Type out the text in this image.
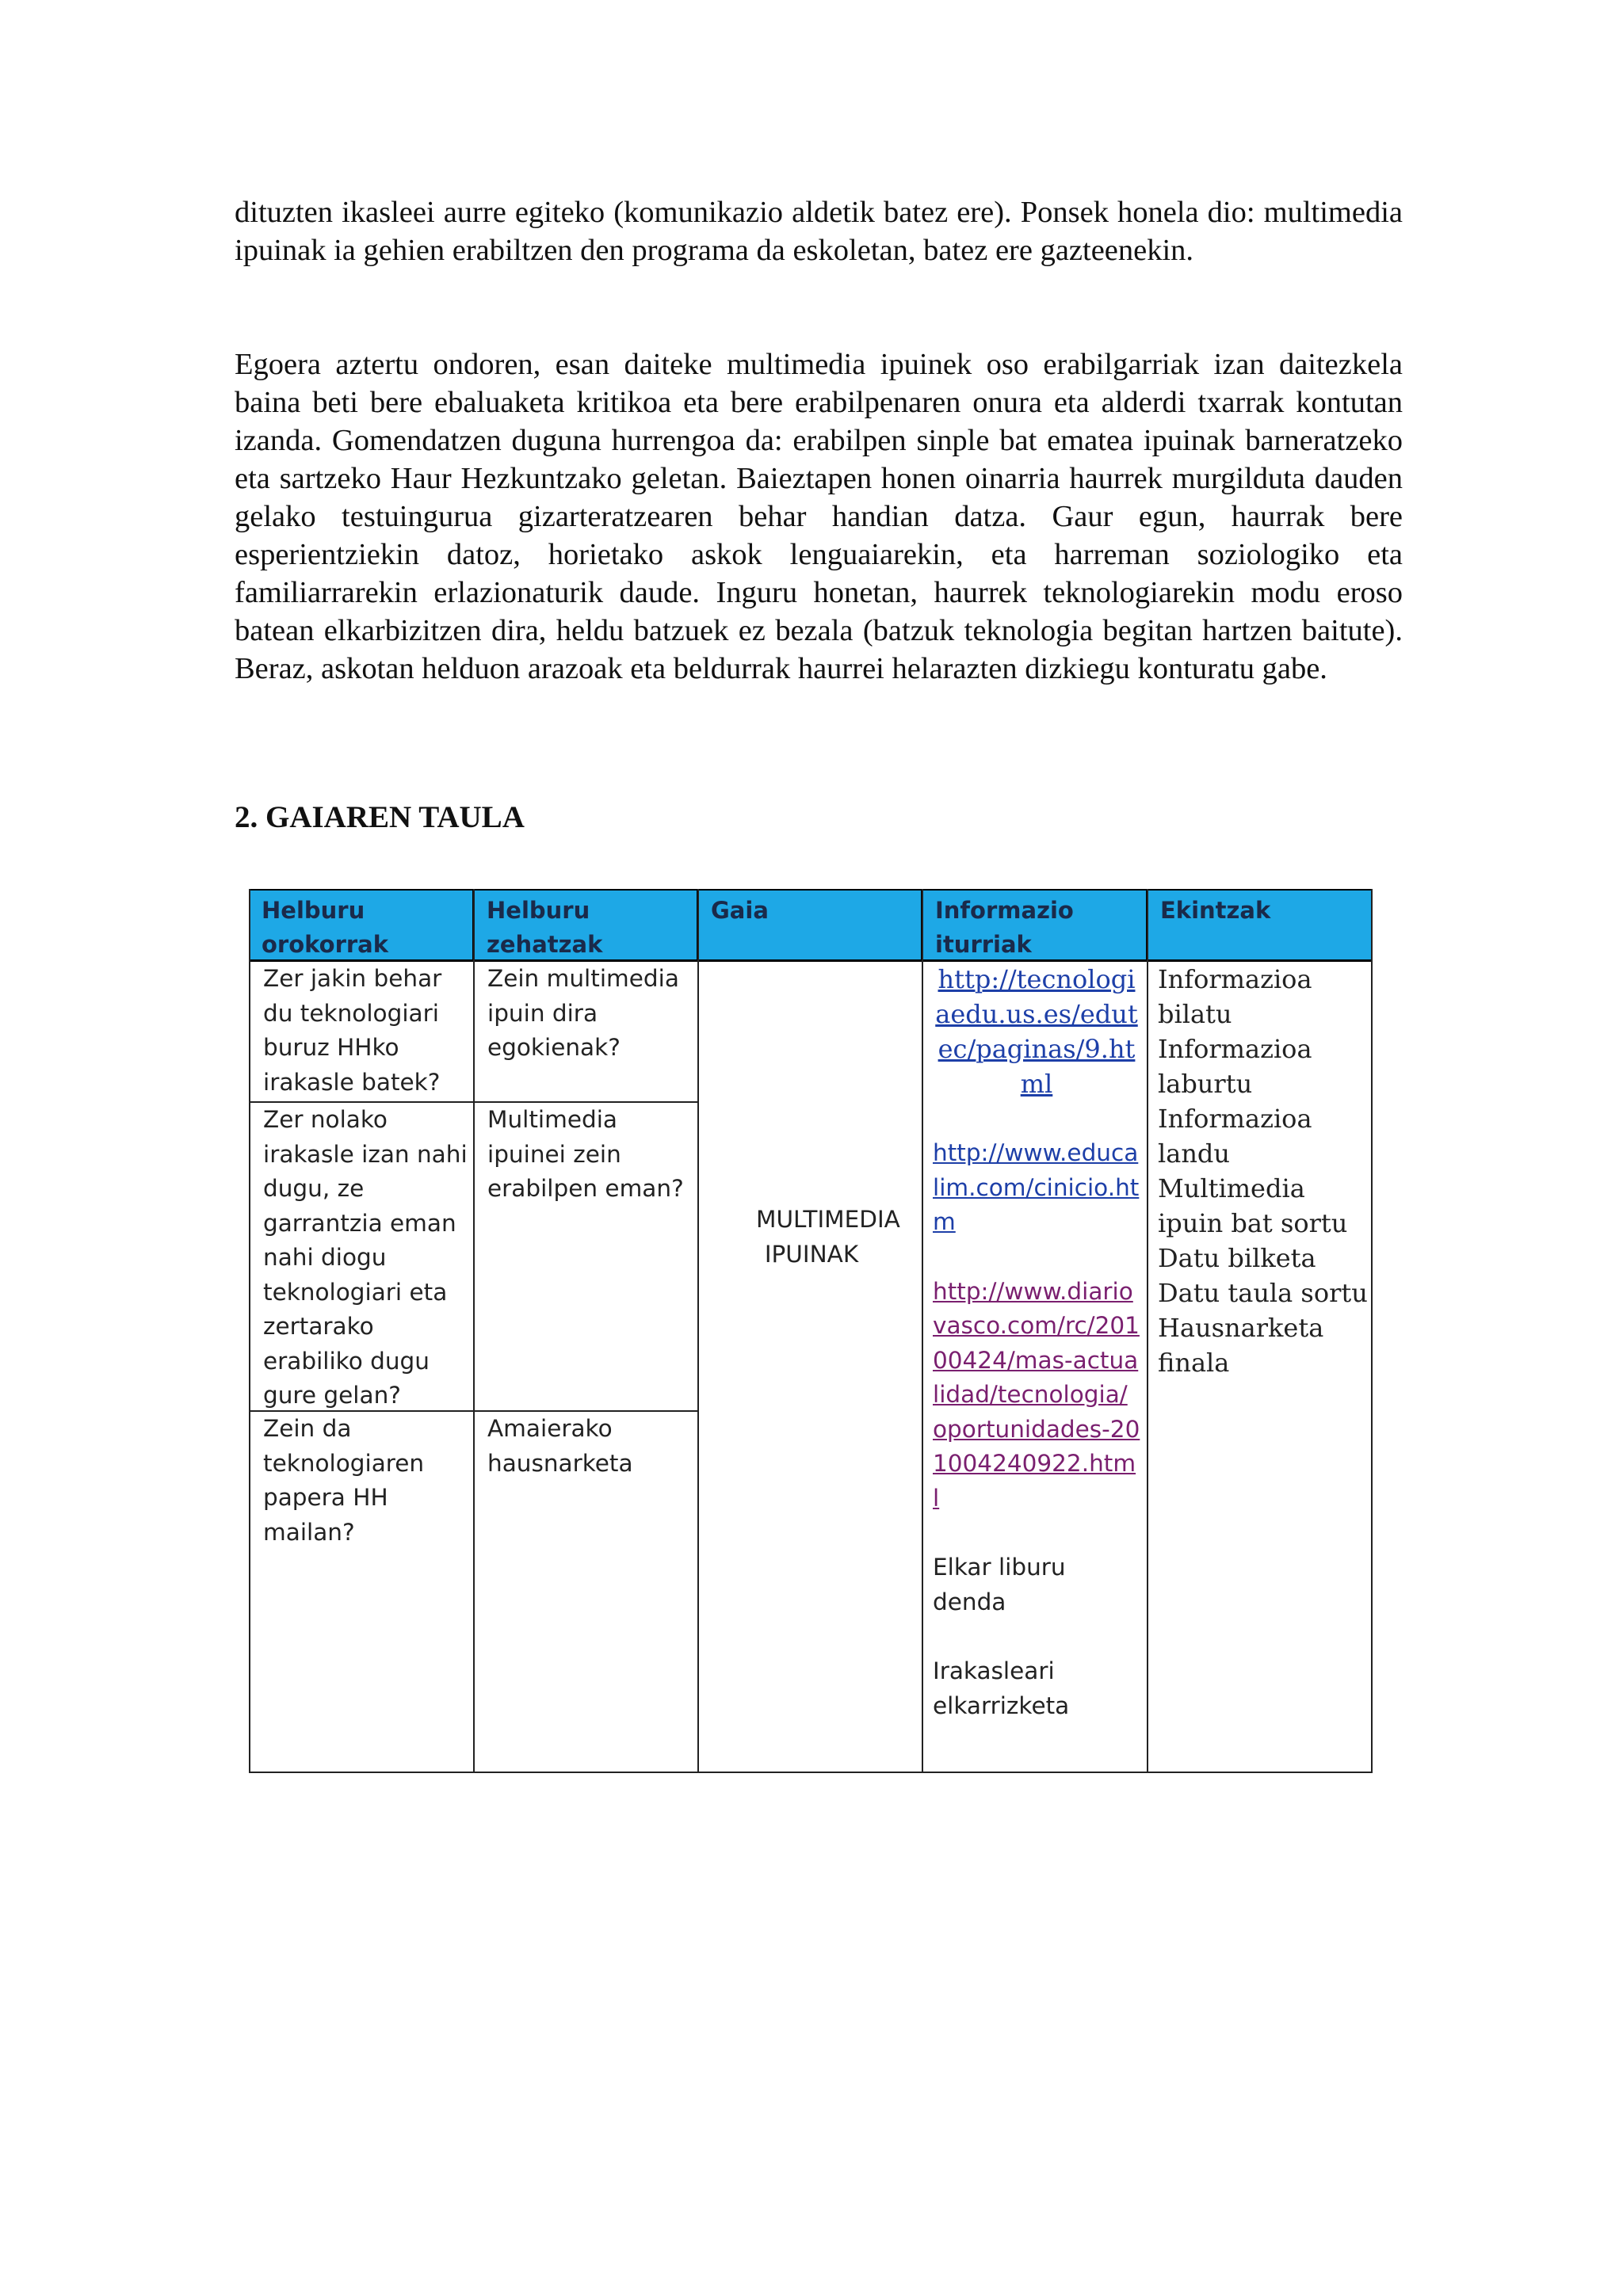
dituzten ikasleei aurre egiteko (komunikazio aldetik batez ere). Ponsek honela dio: multimedia ipuinak ia gehien erabiltzen den programa da eskoletan, batez ere gazteenekin.

Egoera aztertu ondoren, esan daiteke multimedia ipuinek oso erabilgarriak izan daitezkela baina beti bere ebaluaketa kritikoa eta bere erabilpenaren onura eta alderdi txarrak kontutan izanda. Gomendatzen duguna hurrengoa da: erabilpen sinple bat ematea ipuinak barneratzeko eta sartzeko Haur Hezkuntzako geletan. Baieztapen honen oinarria haurrek murgilduta dauden gelako testuingurua gizarteratzearen behar handian datza. Gaur egun, haurrak bere esperientziekin datoz, horietako askok lenguaiarekin, eta harreman soziologiko eta familiarrarekin erlazionaturik daude. Inguru honetan, haurrek teknologiarekin modu eroso batean elkarbizitzen dira, heldu batzuek ez bezala (batzuk teknologia begitan hartzen baitute). Beraz, askotan helduon arazoak eta beldurrak haurrei helarazten dizkiegu konturatu gabe.

2. GAIAREN TAULA
Helburu orokorrak
Helburu zehatzak
Gaia	Informazio iturriak
Ekintzak
Zer jakin behar du teknologiari buruz HHko irakasle batek?
Zer nolako irakasle izan nahi dugu, ze garrantzia eman nahi diogu teknologiari eta zertarako erabiliko dugu gure gelan?
Zein da teknologiaren papera HH mailan?
Zein multimedia ipuin dira egokienak?
Multimedia ipuinei zein erabilpen eman?
Amaierako hausnarketa
MULTIMEDIA IPUINAK
http://tecnologiaedu.us.es/edutec/paginas/9.html
http://www.educalim.com/cinicio.htm
http://www.diariovasco.com/rc/20100424/mas-actualidad/tecnologia/oportunidades-201004240922.html
Elkar liburu denda
Irakasleari elkarrizketa
Informazioa bilatu
Informazioa laburtu
Informazioa landu
Multimedia ipuin bat sortu
Datu bilketa
Datu taula sortu
Hausnarketa finala
